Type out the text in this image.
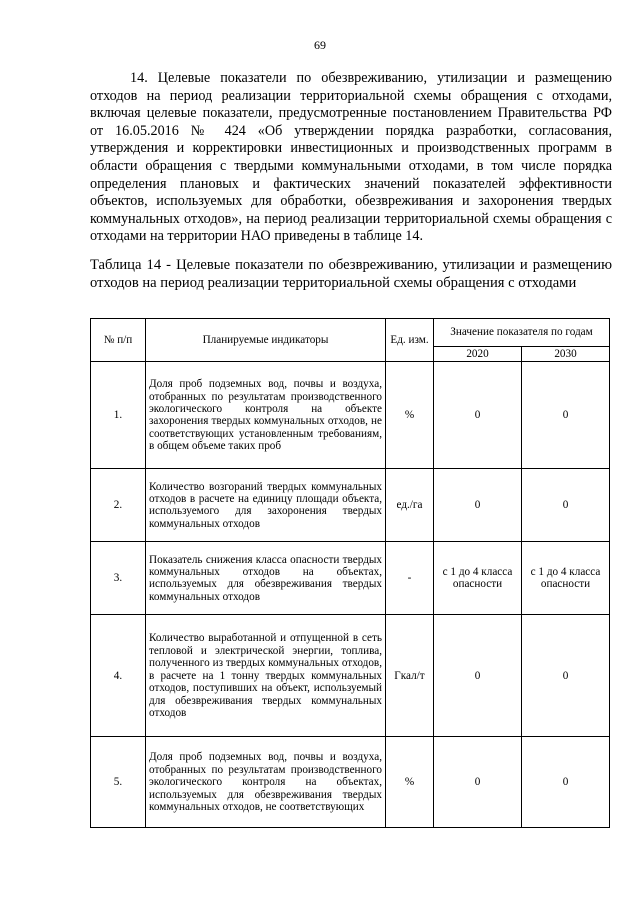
69

14. Целевые показатели по обезвреживанию, утилизации и размещению отходов на период реализации территориальной схемы обращения с отходами, включая целевые показатели, предусмотренные постановлением Правительства РФ от 16.05.2016 № 424 «Об утверждении порядка разработки, согласования, утверждения и корректировки инвестиционных и производственных программ в области обращения с твердыми коммунальными отходами, в том числе порядка определения плановых и фактических значений показателей эффективности объектов, используемых для обработки, обезвреживания и захоронения твердых коммунальных отходов», на период реализации территориальной схемы обращения с отходами на территории НАО приведены в таблице 14.

Таблица 14 - Целевые показатели по обезвреживанию, утилизации и размещению отходов на период реализации территориальной схемы обращения с отходами

№ п/п	Планируемые индикаторы	Ед. изм.	Значение показателя по годам	
			2020	2030
1.	Доля проб подземных вод, почвы и воздуха, отобранных по результатам производственного экологического контроля на объекте захоронения твердых коммунальных отходов, не соответствующих установленным требованиям, в общем объеме таких проб	%	0	0
2.	Количество возгораний твердых коммунальных отходов в расчете на единицу площади объекта, используемого для захоронения твердых коммунальных отходов	ед./га	0	0
3.	Показатель снижения класса опасности твердых коммунальных отходов на объектах, используемых для обезвреживания твердых коммунальных отходов	-	с 1 до 4 класса опасности	с 1 до 4 класса опасности
4.	Количество выработанной и отпущенной в сеть тепловой и электрической энергии, топлива, полученного из твердых коммунальных отходов, в расчете на 1 тонну твердых коммунальных отходов, поступивших на объект, используемый для обезвреживания твердых коммунальных отходов	Гкал/т	0	0
5.	Доля проб подземных вод, почвы и воздуха, отобранных по результатам производственного экологического контроля на объектах, используемых для обезвреживания твердых коммунальных отходов, не соответствующих	%	0	0
